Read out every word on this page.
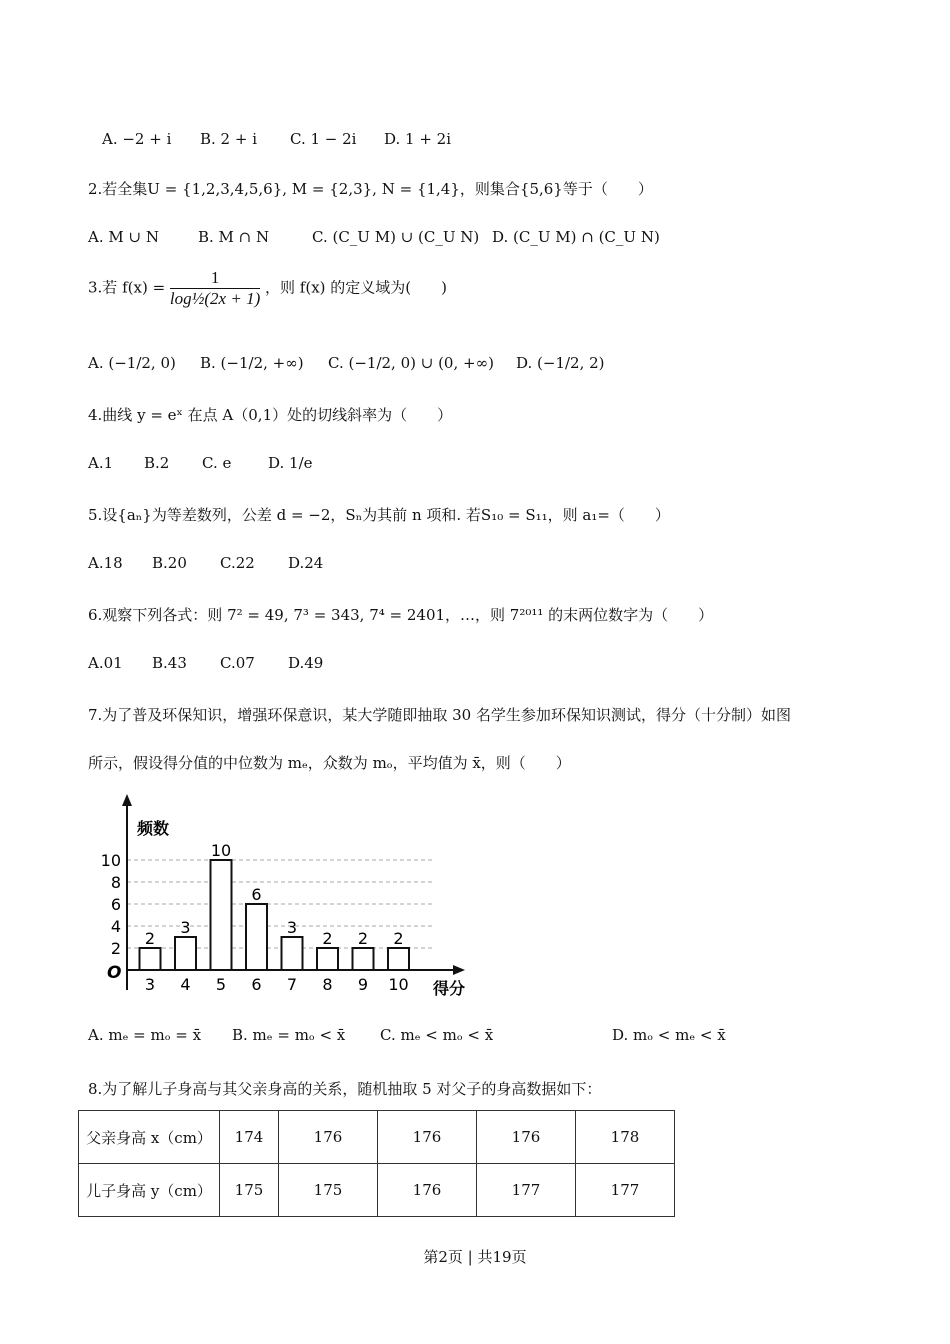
A. −2 + i B. 2 + i C. 1 − 2i D. 1 + 2i
2.若全集U = {1,2,3,4,5,6}, M = {2,3}, N = {1,4}，则集合{5,6}等于（　　）
A. M ∪ N	B. M ∩ N	C. (C_U M) ∪ (C_U N) D. (C_U M) ∩ (C_U N)
3.若 $f(x) = \frac{1}{\text{log½(2x + 1)}}$ ，则 f(x) 的定义域为(　　)
A. (−1/2, 0) B. (−1/2, +∞) C. (−1/2, 0) ∪ (0, +∞) D. (−1/2, 2)
4.曲线 y = eˣ 在点 A（0,1）处的切线斜率为（　　）
A.1 B.2 C. e D. 1/e
5.设{aₙ}为等差数列，公差 d = −2，Sₙ为其前 n 项和. 若S₁₀ = S₁₁，则 a₁=（　　）
A.18 B.20 C.22 D.24
6.观察下列各式：则 7² = 49, 7³ = 343, 7⁴ = 2401，…，则 7²⁰¹¹ 的末两位数字为（　　）
A.01 B.43 C.07 D.49
7.为了普及环保知识，增强环保意识，某大学随即抽取 30 名学生参加环保知识测试，得分（十分制）如图
所示，假设得分值的中位数为 mₑ，众数为 mₒ，平均值为 x̄，则（　　）
频数
得分
O
2
4
6
8
10
2
3
3
4
10
5
6
6
3
7
2
8
2
9
2
10
A. mₑ = mₒ = x̄ B. mₑ = mₒ < x̄ C. mₑ < mₒ < x̄	D. mₒ < mₑ < x̄
8.为了解儿子身高与其父亲身高的关系，随机抽取 5 对父子的身高数据如下：
父亲身高 x（cm）	174	176	176	176	178
儿子身高 y（cm）	175	175	176	177	177
第2页 | 共19页
